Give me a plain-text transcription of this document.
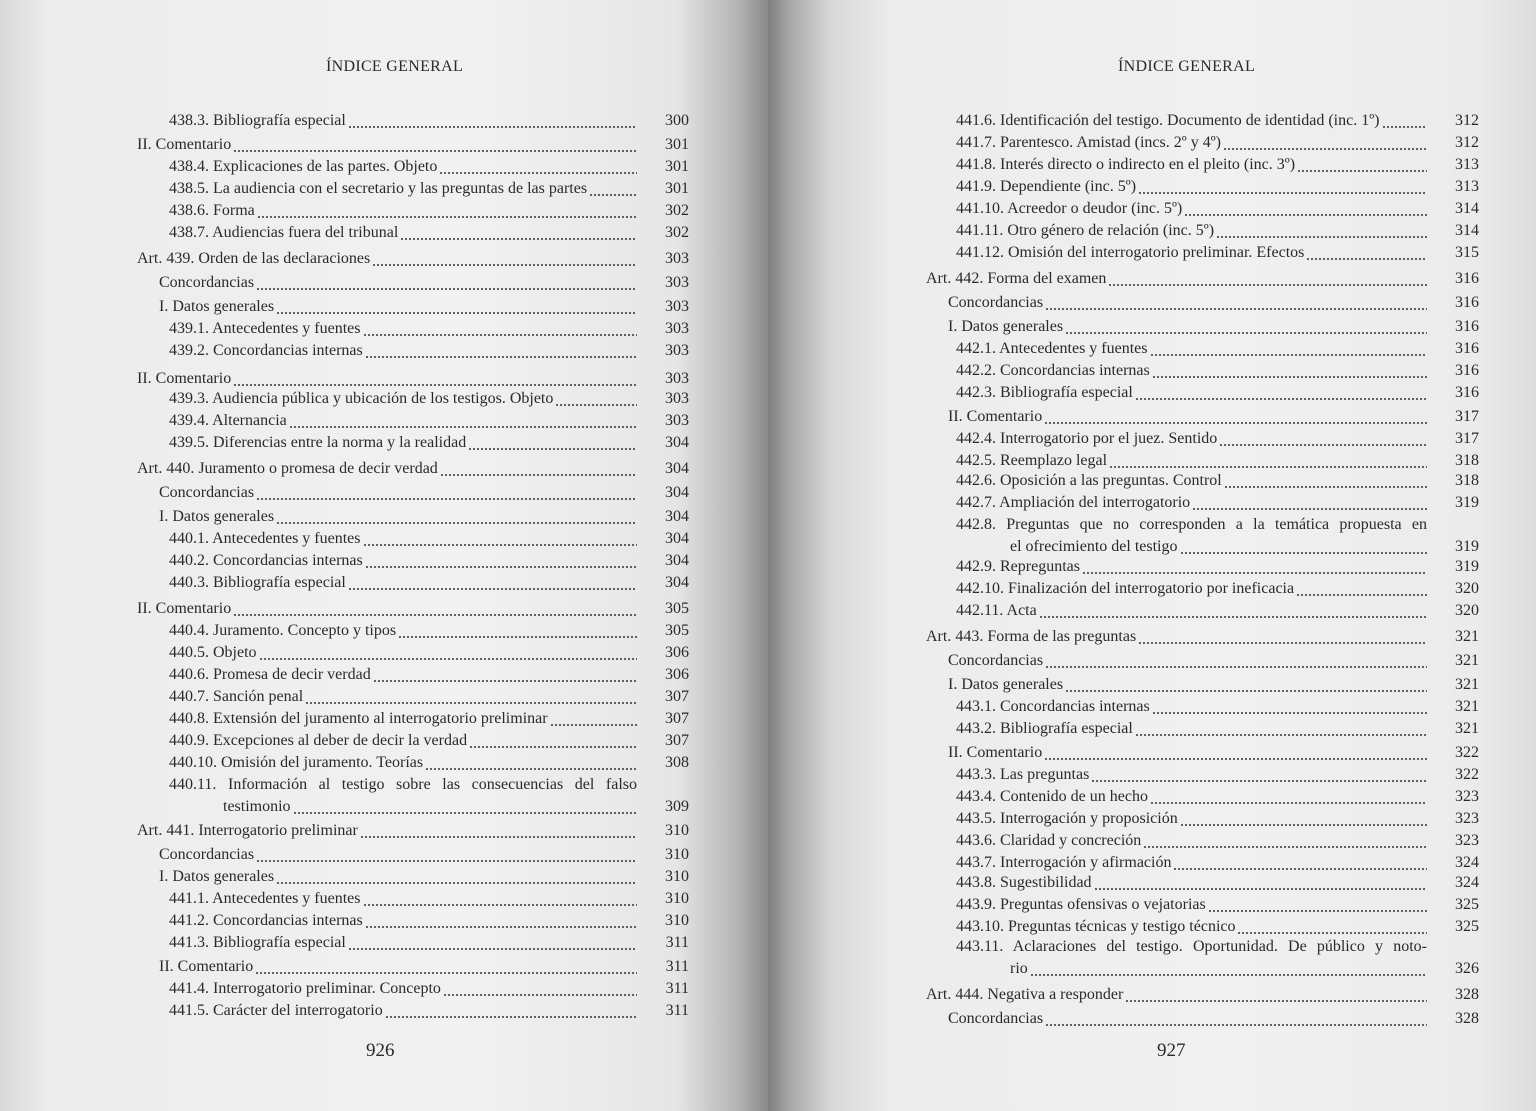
ÍNDICE GENERAL
438.3. Bibliografía especial	300
II. Comentario	301
438.4. Explicaciones de las partes. Objeto	301
438.5. La audiencia con el secretario y las preguntas de las partes	301
438.6. Forma	302
438.7. Audiencias fuera del tribunal	302
Art. 439. Orden de las declaraciones	303
Concordancias	303
I. Datos generales	303
439.1. Antecedentes y fuentes	303
439.2. Concordancias internas	303
II. Comentario	303
439.3. Audiencia pública y ubicación de los testigos. Objeto	303
439.4. Alternancia	303
439.5. Diferencias entre la norma y la realidad	304
Art. 440. Juramento o promesa de decir verdad	304
Concordancias	304
I. Datos generales	304
440.1. Antecedentes y fuentes	304
440.2. Concordancias internas	304
440.3. Bibliografía especial	304
II. Comentario	305
440.4. Juramento. Concepto y tipos	305
440.5. Objeto	306
440.6. Promesa de decir verdad	306
440.7. Sanción penal	307
440.8. Extensión del juramento al interrogatorio preliminar	307
440.9. Excepciones al deber de decir la verdad	307
440.10. Omisión del juramento. Teorías	308
440.11. Información al testigo sobre las consecuencias del falso
testimonio	309
Art. 441. Interrogatorio preliminar	310
Concordancias	310
I. Datos generales	310
441.1. Antecedentes y fuentes	310
441.2. Concordancias internas	310
441.3. Bibliografía especial	311
II. Comentario	311
441.4. Interrogatorio preliminar. Concepto	311
441.5. Carácter del interrogatorio	311
926
ÍNDICE GENERAL
441.6. Identificación del testigo. Documento de identidad (inc. 1º)	312
441.7. Parentesco. Amistad (incs. 2º y 4º)	312
441.8. Interés directo o indirecto en el pleito (inc. 3º)	313
441.9. Dependiente (inc. 5º)	313
441.10. Acreedor o deudor (inc. 5º)	314
441.11. Otro género de relación (inc. 5º)	314
441.12. Omisión del interrogatorio preliminar. Efectos	315
Art. 442. Forma del examen	316
Concordancias	316
I. Datos generales	316
442.1. Antecedentes y fuentes	316
442.2. Concordancias internas	316
442.3. Bibliografía especial	316
II. Comentario	317
442.4. Interrogatorio por el juez. Sentido	317
442.5. Reemplazo legal	318
442.6. Oposición a las preguntas. Control	318
442.7. Ampliación del interrogatorio	319
442.8. Preguntas que no corresponden a la temática propuesta en
el ofrecimiento del testigo	319
442.9. Repreguntas	319
442.10. Finalización del interrogatorio por ineficacia	320
442.11. Acta	320
Art. 443. Forma de las preguntas	321
Concordancias	321
I. Datos generales	321
443.1. Concordancias internas	321
443.2. Bibliografía especial	321
II. Comentario	322
443.3. Las preguntas	322
443.4. Contenido de un hecho	323
443.5. Interrogación y proposición	323
443.6. Claridad y concreción	323
443.7. Interrogación y afirmación	324
443.8. Sugestibilidad	324
443.9. Preguntas ofensivas o vejatorias	325
443.10. Preguntas técnicas y testigo técnico	325
443.11. Aclaraciones del testigo. Oportunidad. De público y noto-
rio	326
Art. 444. Negativa a responder	328
Concordancias	328
927
